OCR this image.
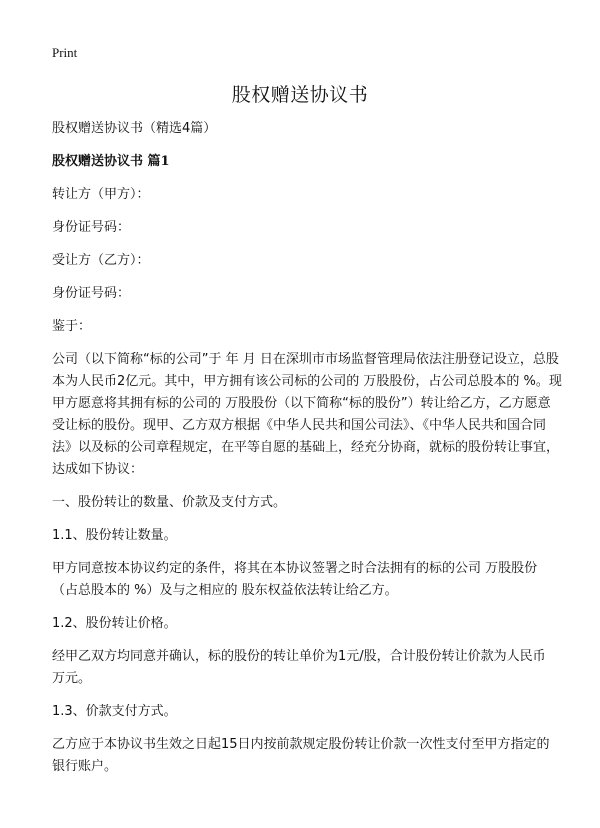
Print
股权赠送协议书

股权赠送协议书（精选4篇）

股权赠送协议书 篇1

转让方（甲方）：

身份证号码：

受让方（乙方）：

身份证号码：

鉴于：

公司（以下简称“标的公司”于 年 月 日在深圳市市场监督管理局依法注册登记设立，总股本为人民币2亿元。其中，甲方拥有该公司标的公司的 万股股份，占公司总股本的 %。现甲方愿意将其拥有标的公司的 万股股份（以下简称“标的股份”）转让给乙方，乙方愿意受让标的股份。现甲、乙方双方根据《中华人民共和国公司法》、《中华人民共和国合同法》以及标的公司章程规定，在平等自愿的基础上，经充分协商，就标的股份转让事宜，达成如下协议：

一、股份转让的数量、价款及支付方式。

1.1、股份转让数量。

甲方同意按本协议约定的条件，将其在本协议签署之时合法拥有的标的公司 万股股份（占总股本的 %）及与之相应的 股东权益依法转让给乙方。

1.2、股份转让价格。

经甲乙双方均同意并确认，标的股份的转让单价为1元/股，合计股份转让价款为人民币 万元。

1.3、价款支付方式。

乙方应于本协议书生效之日起15日内按前款规定股份转让价款一次性支付至甲方指定的银行账户。
